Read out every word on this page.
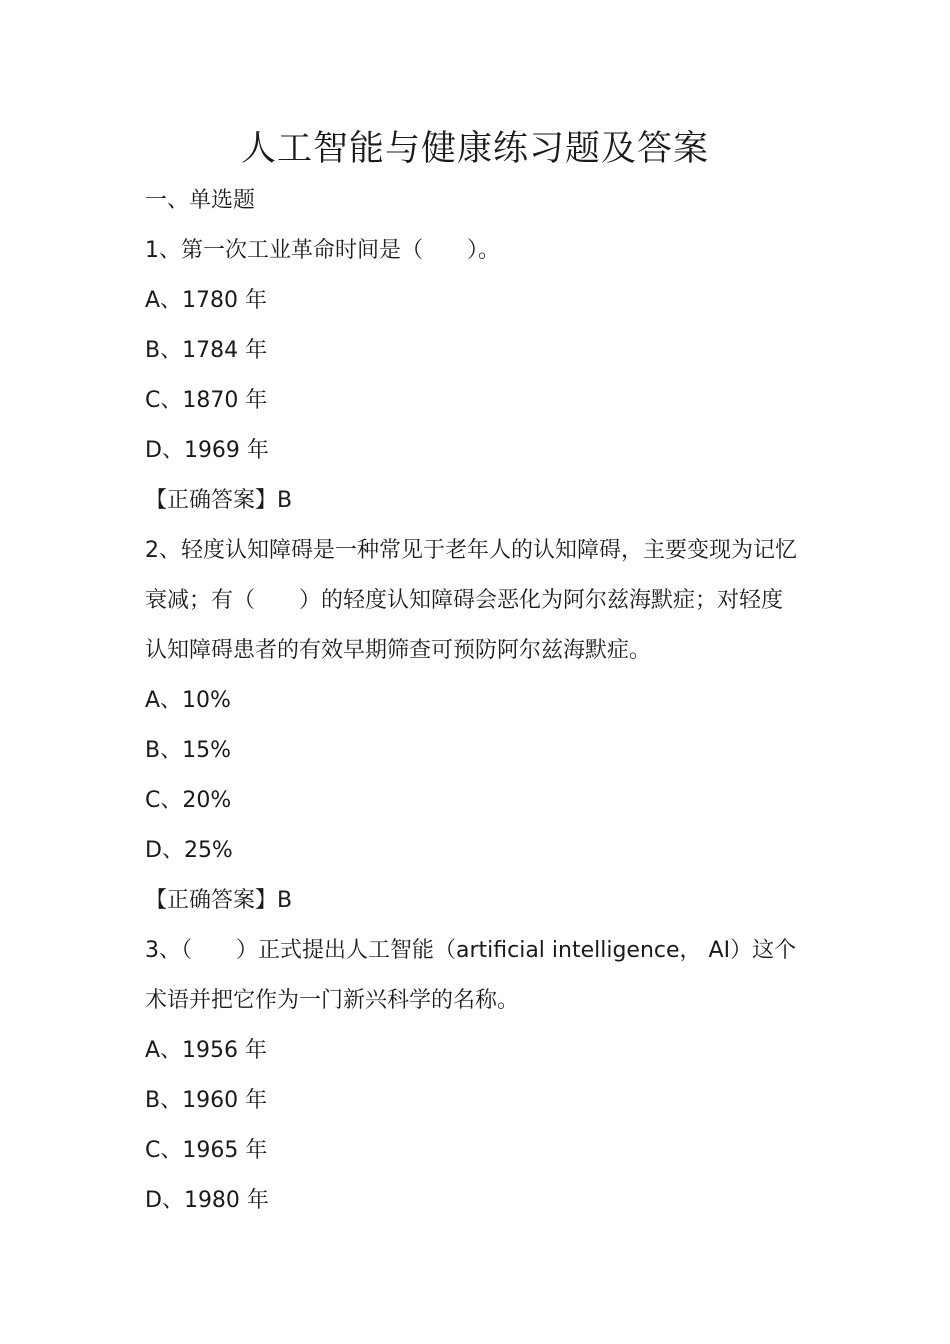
人工智能与健康练习题及答案
一、单选题
1、第一次工业革命时间是（　　）。
A、1780 年
B、1784 年
C、1870 年
D、1969 年
【正确答案】B
2、轻度认知障碍是一种常见于老年人的认知障碍，主要变现为记忆
衰减；有（　　）的轻度认知障碍会恶化为阿尔兹海默症；对轻度
认知障碍患者的有效早期筛查可预防阿尔兹海默症。
A、10%
B、15%
C、20%
D、25%
【正确答案】B
3、（　　）正式提出人工智能（artificial intelligence， AI）这个
术语并把它作为一门新兴科学的名称。
A、1956 年
B、1960 年
C、1965 年
D、1980 年
